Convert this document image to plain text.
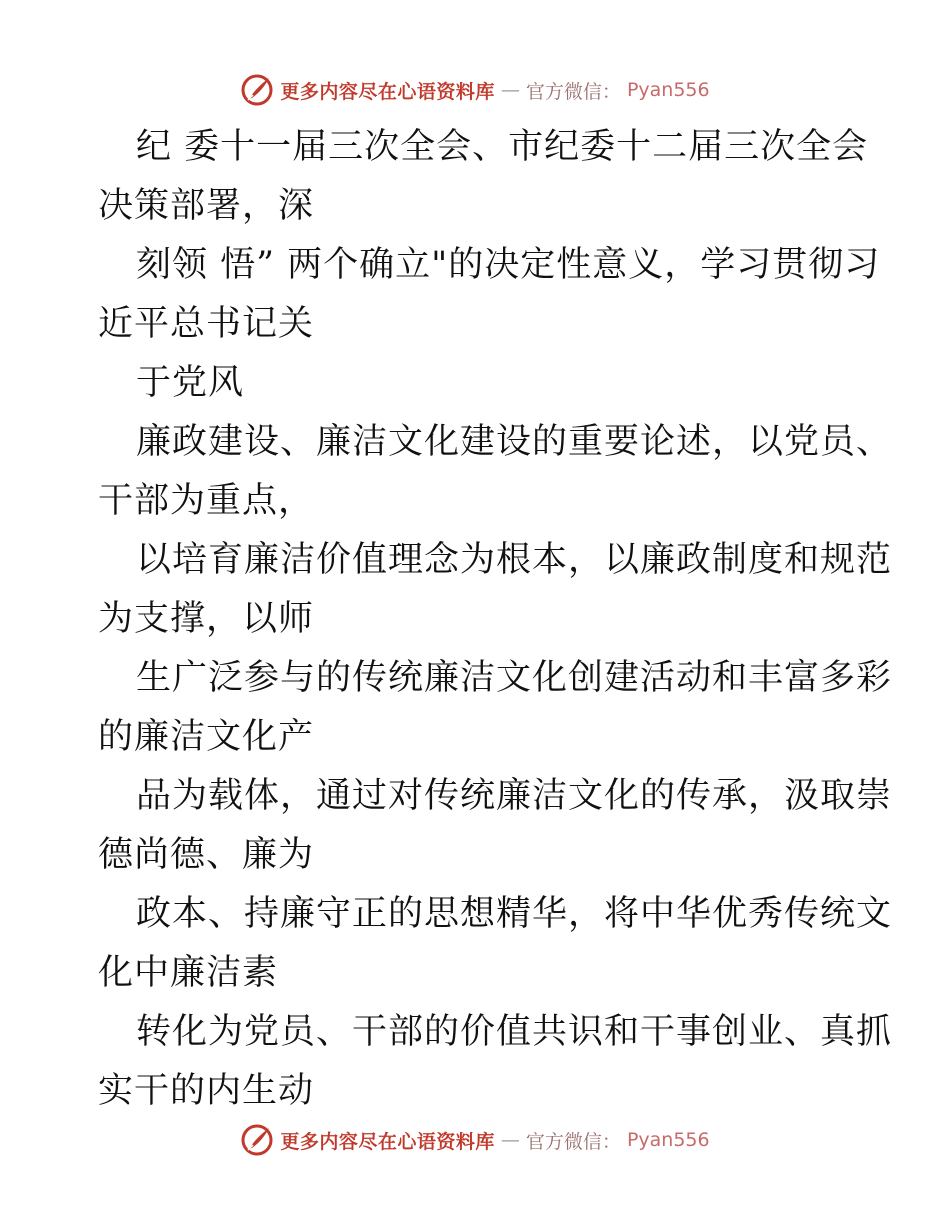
更多内容尽在心语资料库 — 官方微信： Pyan556
纪 委十一届三次全会、市纪委十二届三次全会
决策部署，深
刻领 悟” 两个确立"的决定性意义，学习贯彻习
近平总书记关
于党风
廉政建设、廉洁文化建设的重要论述，以党员、
干部为重点，
以培育廉洁价值理念为根本，以廉政制度和规范
为支撑，以师
生广泛参与的传统廉洁文化创建活动和丰富多彩
的廉洁文化产
品为载体，通过对传统廉洁文化的传承，汲取崇
德尚德、廉为
政本、持廉守正的思想精华，将中华优秀传统文
化中廉洁素
转化为党员、干部的价值共识和干事创业、真抓
实干的内生动
更多内容尽在心语资料库 — 官方微信： Pyan556
